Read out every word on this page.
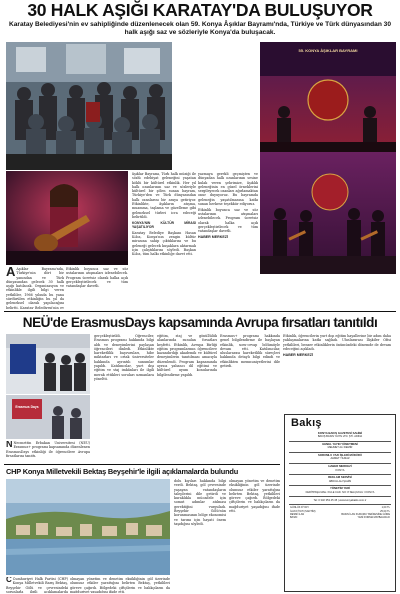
30 HALK AŞIĞI KARATAY'DA BULUŞUYOR
Karatay Belediyesi'nin ev sahipliğinde düzenlenecek olan 59. Konya Âşıklar Bayramı'nda, Türkiye ve Türk dünyasından 30 halk aşığı saz ve sözleriyle Konya'da buluşacak.
55. KONYA ÂŞIKLAR BAYRAMI
A Âşıklar Bayramı'nda, Türkiye'nin dört bir yanından ve Türk dünyasından gelecek 30 halk aşığı katılacak. Organizasyon ve etkinlikle ilgili bilgi veren yetkililer, 1966 yılında bu yana sürdürülen etkinliğin bu yıl da geleneksel olarak yapılacağını belirtti. Karatay Belediyesi'nin ev

Etkinlik boyunca saz ve söz ustalarının atışmaları izlenebilecek. Program ücretsiz olarak halka açık gerçekleştirilecek ve tüm vatandaşlar davetli.

âşıklar Bayramı, Türk halk müziği ile sözlü edebiyat geleneğini yaşatan köklü bir kültürel etkinlik. Her yıl halk ozanlarının saz ve sözleriyle kültürel bir şölen sunan bayram, Türkiye'den ve Türk dünyasından halk ozanlarını bir araya getiriyor. Etkinlikte, âşıkların atışma, muamma, taşlama ve güzelleme gibi geleneksel türleri icra edeceği belirtildi.

KONYA'NIN KÜLTÜR MİRASI YAŞATILIYOR

Karatay Belediye Başkanı Hasan Kılca, Konya'nın zengin kültür mirasına sahip çıktıklarını ve bu geleneği gelecek kuşaklara aktarmak için çalıştıklarını söyledi. Başkan Kılca, tüm halkı etkinliğe davet etti.

yazmaya gerekli geçmişten ve dünyadan halk ozanlarının sesine kulak veren şehrimize, âşıklık geleneğinin en güzel örneklerini sergileyecek ozanları ağırlamaktan onur duyuyoruz. Bu bayramda geleneğin yaşatılmasına katkı sunan herkese teşekkür ediyoruz.

Etkinlik boyunca saz ve söz ustalarının atışmaları izlenebilecek. Program ücretsiz olarak halka açık gerçekleştirilecek ve tüm vatandaşlar davetli.

HABER MERKEZİ
NEÜ'de ErasmusDays kapsamında Avrupa fırsatları tanıtıldı
Erasmus Days
N Necmettin Erbakan Üniversitesi (NEÜ) Erasmus+ programı kapsamında düzenlenen ErasmusDays etkinliği ile öğrencilere Avrupa fırsatlarını tanıttı.

gerçekleştirildi. Öğrenciler, Erasmus programı hakkında bilgi aldı ve deneyimlerini paylaşan öğrencileri dinledi. Etkinlikte hareketlilik başvuruları, hibe miktarları ve ortak üniversiteler hakkında ayrıntılı sunumlar yapıldı. Katılımcılar, yurt dışı eğitim ve staj imkânları ile ilgili merak ettikleri soruları uzmanlara yöneltti.

eğitim, staj ve gönüllülük alanlarında sunulan fırsatları keşfetti. Etkinlik, Avrupa Birliği eğitim programlarının öğrencilere kazandırdığı akademik ve kültürel deneyimlerin tanıtılması amacıyla düzenlendi. Program kapsamında ayrıca yabancı dil eğitimi ve kültürel uyum konularında bilgilendirme yapıldı.

Erasmus+ programı hakkında genel bilgilendirme ile başlayan etkinlik, soru-cevap bölümüyle devam etti. Katılımcılar, uluslararası hareketlilik süreçleri hakkında detaylı bilgi edindi ve etkinlikten memnuniyetlerini dile getirdi.

Etkinlik, öğrencilerin yurt dışı eğitim hayallerine bir adım daha yaklaşmalarına katkı sağladı. Uluslararası İlişkiler Ofisi yetkilileri, benzer etkinliklerin önümüzdeki dönemde de devam edeceğini açıkladı.

HABER MERKEZİ
CHP Konya Milletvekili Bektaş Beyşehir'le ilgili açıklamalarda bulundu
C Cumhuriyet Halk Partisi (CHP) Konya Milletvekili Barış Bektaş, Beyşehir Gölü ve çevresindeki sorunlarla ilgili açıklamalarda

olmayan yönetim ve denetim eksikliğinin göl üzerinde olumsuz etkiler yarattığını belirten Bektaş, yetkilileri göreve çağırdı. Bölgedeki çiftçilerin ve balıkçıların da mağduriyet yaşadığını ifade etti.

dolu kıyıları hakkında bilgi verdi. Bektaş, göl çevresinde yaşayan vatandaşların taleplerini dile getirdi ve kuraklıkla mücadele için somut adımlar atılması gerektiğini vurguladı. Beyşehir Gölü'nün korunmasının bölge ekonomisi ve tarımı için hayati önem taşıdığını söyledi.

olmayan yönetim ve denetim eksikliğinin göl üzerinde olumsuz etkiler yarattığını belirten Bektaş, yetkilileri göreve çağırdı. Bölgedeki çiftçilerin ve balıkçıların da mağduriyet yaşadığını ifade etti.

Bakış
KONYA BAKIŞ GAZETESİ SAHİBİ
BAKIŞ BASIN YAYIN LTD. ŞTİ. ADINA
GENEL YAYIN YÖNETMENİ
MEHMET ALİ DEMİR
SORUMLU YAZI İŞLERİ MÜDÜRÜ
AHMET YILMAZ
HABER MERKEZİ
KONYA
REKLAM SERVİSİ
ABDULLAH ŞAHİN
YÖNETİM YERİ
FERİTPAŞA MAH. KULE CAD. NO: 8 SELÇUKLU / KONYA
Tel: 0 332 353 45 45 | www.konyabakis.com.tr
GÜNLÜK FİYATI	1,00 TL
İLAN FİYATI (SANTİM)	25,00 TL
RESMİ İLAN	BASIN İLAN KURUMU TARİFESİNE GÖRE
BASKI	YENİ FORMA MATBAACILIK
